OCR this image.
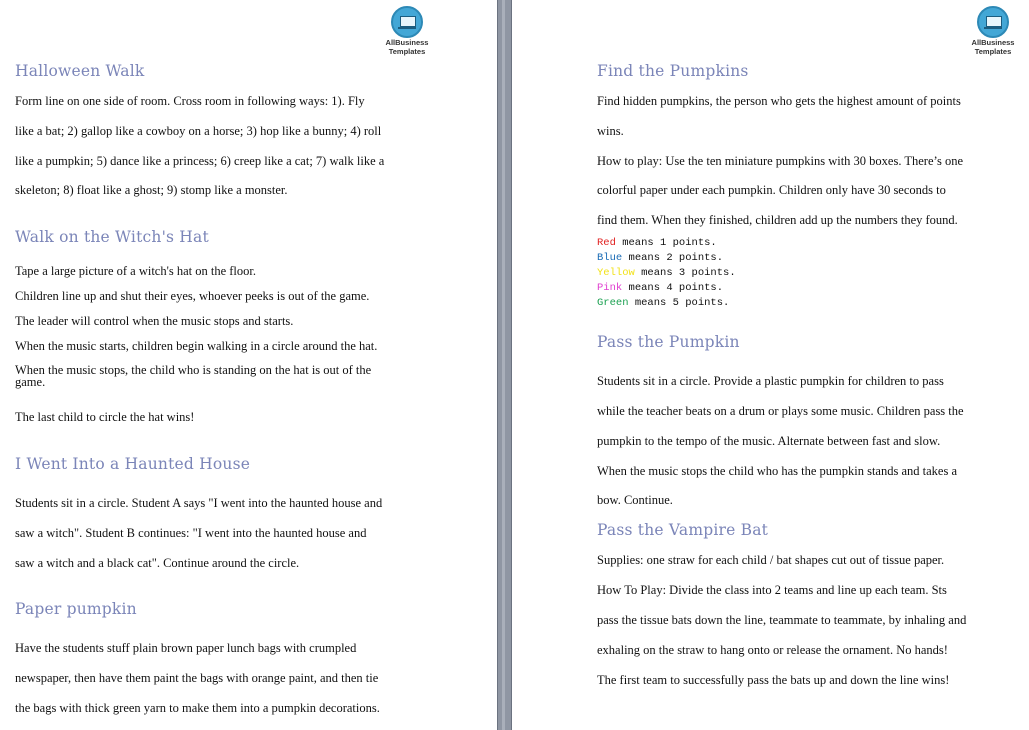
AllBusiness
Templates
Halloween Walk
Form line on one side of room. Cross room in following ways: 1). Fly
like a bat; 2) gallop like a cowboy on a horse; 3) hop like a bunny; 4) roll
like a pumpkin; 5) dance like a princess; 6) creep like a cat; 7) walk like a
skeleton; 8) float like a ghost; 9) stomp like a monster.
Walk on the Witch's Hat
Tape a large picture of a witch's hat on the floor.
Children line up and shut their eyes, whoever peeks is out of the game.
The leader will control when the music stops and starts.
When the music starts, children begin walking in a circle around the hat.
When the music stops, the child who is standing on the hat is out of the
game.
The last child to circle the hat wins!
I Went Into a Haunted House
Students sit in a circle. Student A says "I went into the haunted house and
saw a witch". Student B continues: "I went into the haunted house and
saw a witch and a black cat". Continue around the circle.
Paper pumpkin
Have the students stuff plain brown paper lunch bags with crumpled
newspaper, then have them paint the bags with orange paint, and then tie
the bags with thick green yarn to make them into a pumpkin decorations.
AllBusiness
Templates
Find the Pumpkins
Find hidden pumpkins, the person who gets the highest amount of points
wins.
How to play: Use the ten miniature pumpkins with 30 boxes. There’s one
colorful paper under each pumpkin. Children only have 30 seconds to
find them. When they finished, children add up the numbers they found.
Red means 1 points.
Blue means 2 points.
Yellow means 3 points.
Pink means 4 points.
Green means 5 points.
Pass the Pumpkin
Students sit in a circle. Provide a plastic pumpkin for children to pass
while the teacher beats on a drum or plays some music. Children pass the
pumpkin to the tempo of the music. Alternate between fast and slow.
When the music stops the child who has the pumpkin stands and takes a
bow. Continue.
Pass the Vampire Bat
Supplies: one straw for each child / bat shapes cut out of tissue paper.
How To Play: Divide the class into 2 teams and line up each team. Sts
pass the tissue bats down the line, teammate to teammate, by inhaling and
exhaling on the straw to hang onto or release the ornament. No hands!
The first team to successfully pass the bats up and down the line wins!
